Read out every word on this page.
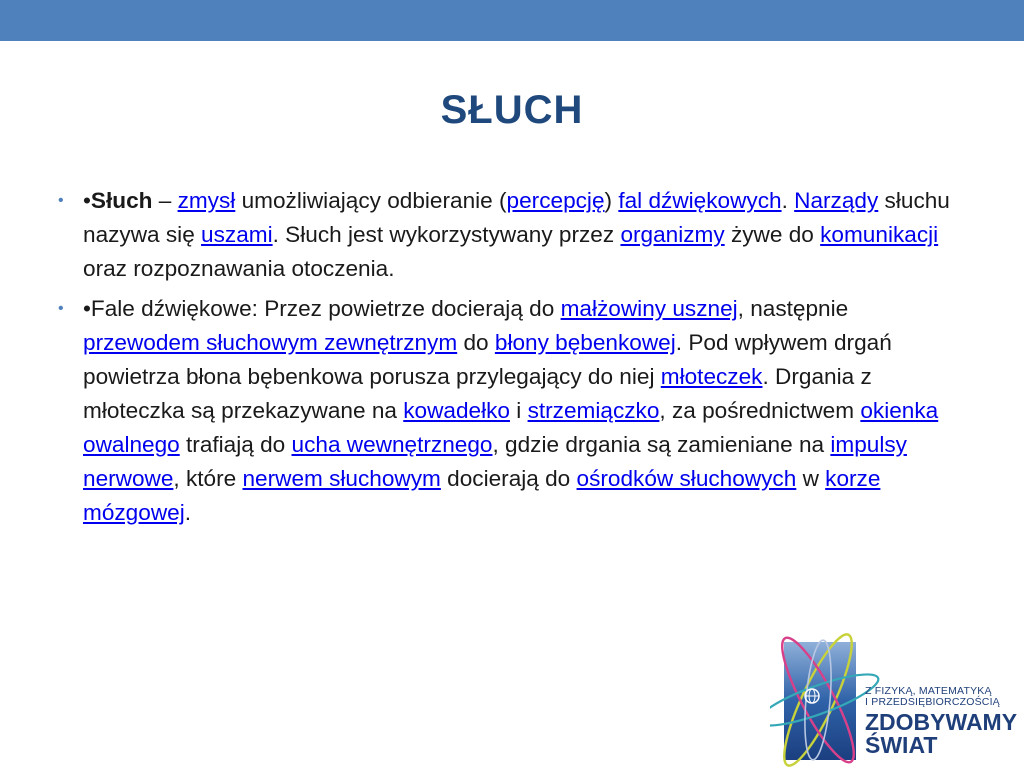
SŁUCH
• •Słuch – zmysł umożliwiający odbieranie (percepcję) fal dźwiękowych. Narządy słuchu nazywa się uszami. Słuch jest wykorzystywany przez organizmy żywe do komunikacji oraz rozpoznawania otoczenia.
• •Fale dźwiękowe: Przez powietrze docierają do małżowiny usznej, następnie przewodem słuchowym zewnętrznym do błony bębenkowej. Pod wpływem drgań powietrza błona bębenkowa porusza przylegający do niej młoteczek. Drgania z młoteczka są przekazywane na kowadełko i strzemiączko, za pośrednictwem okienka owalnego trafiają do ucha wewnętrznego, gdzie drgania są zamieniane na impulsy nerwowe, które nerwem słuchowym docierają do ośrodków słuchowych w korze mózgowej.

Z FIZYKĄ, MATEMATYKĄ

I PRZEDSIĘBIORCZOŚCIĄ

ZDOBYWAMY

ŚWIAT
